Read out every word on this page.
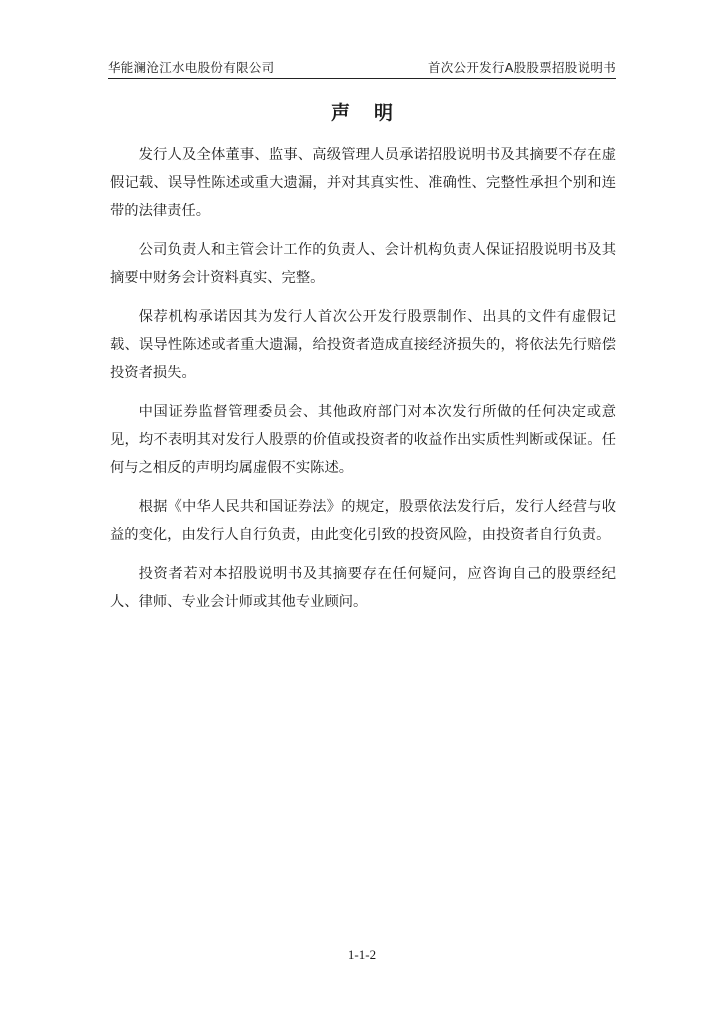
华能澜沧江水电股份有限公司	首次公开发行A股股票招股说明书
声明

发行人及全体董事、监事、高级管理人员承诺招股说明书及其摘要不存在虚假记载、误导性陈述或重大遗漏，并对其真实性、准确性、完整性承担个别和连带的法律责任。

公司负责人和主管会计工作的负责人、会计机构负责人保证招股说明书及其摘要中财务会计资料真实、完整。

保荐机构承诺因其为发行人首次公开发行股票制作、出具的文件有虚假记载、误导性陈述或者重大遗漏，给投资者造成直接经济损失的，将依法先行赔偿投资者损失。

中国证券监督管理委员会、其他政府部门对本次发行所做的任何决定或意见，均不表明其对发行人股票的价值或投资者的收益作出实质性判断或保证。任何与之相反的声明均属虚假不实陈述。

根据《中华人民共和国证券法》的规定，股票依法发行后，发行人经营与收益的变化，由发行人自行负责，由此变化引致的投资风险，由投资者自行负责。

投资者若对本招股说明书及其摘要存在任何疑问，应咨询自己的股票经纪人、律师、专业会计师或其他专业顾问。

1-1-2
